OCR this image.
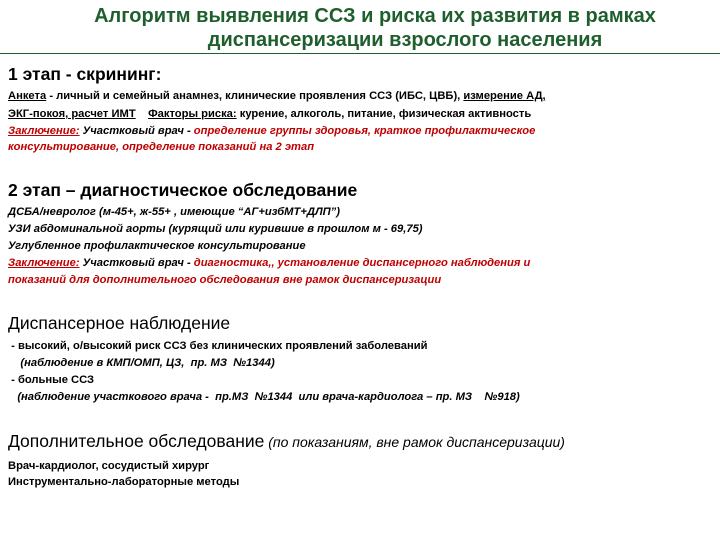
Алгоритм выявления ССЗ и риска их развития в рамках
диспансеризации взрослого населения
1 этап - скрининг:
Анкета - личный и семейный анамнез, клинические проявления ССЗ (ИБС, ЦВБ), измерение АД,
ЭКГ-покоя, расчет ИМТ Факторы риска: курение, алкоголь, питание, физическая активность
Заключение: Участковый врач - определение группы здоровья, краткое профилактическое
консультирование, определение показаний на 2 этап
2 этап – диагностическое обследование
ДСБА/невролог (м-45+, ж-55+ , имеющие “АГ+избМТ+ДЛП”)
УЗИ абдоминальной аорты (курящий или курившие в прошлом м - 69,75)
Углубленное профилактическое консультирование
Заключение: Участковый врач - диагностика,, установление диспансерного наблюдения и
показаний для дополнительного обследования вне рамок диспансеризации
Диспансерное наблюдение
- высокий, о/высокий риск ССЗ без клинических проявлений заболеваний
(наблюдение в КМП/ОМП, ЦЗ,  пр. МЗ  №1344)
- больные ССЗ
(наблюдение участкового врача -  пр.МЗ  №1344  или врача-кардиолога – пр. МЗ    №918)
Дополнительное обследование (по показаниям, вне рамок диспансеризации)
Врач-кардиолог, сосудистый хирург
Инструментально-лабораторные методы
